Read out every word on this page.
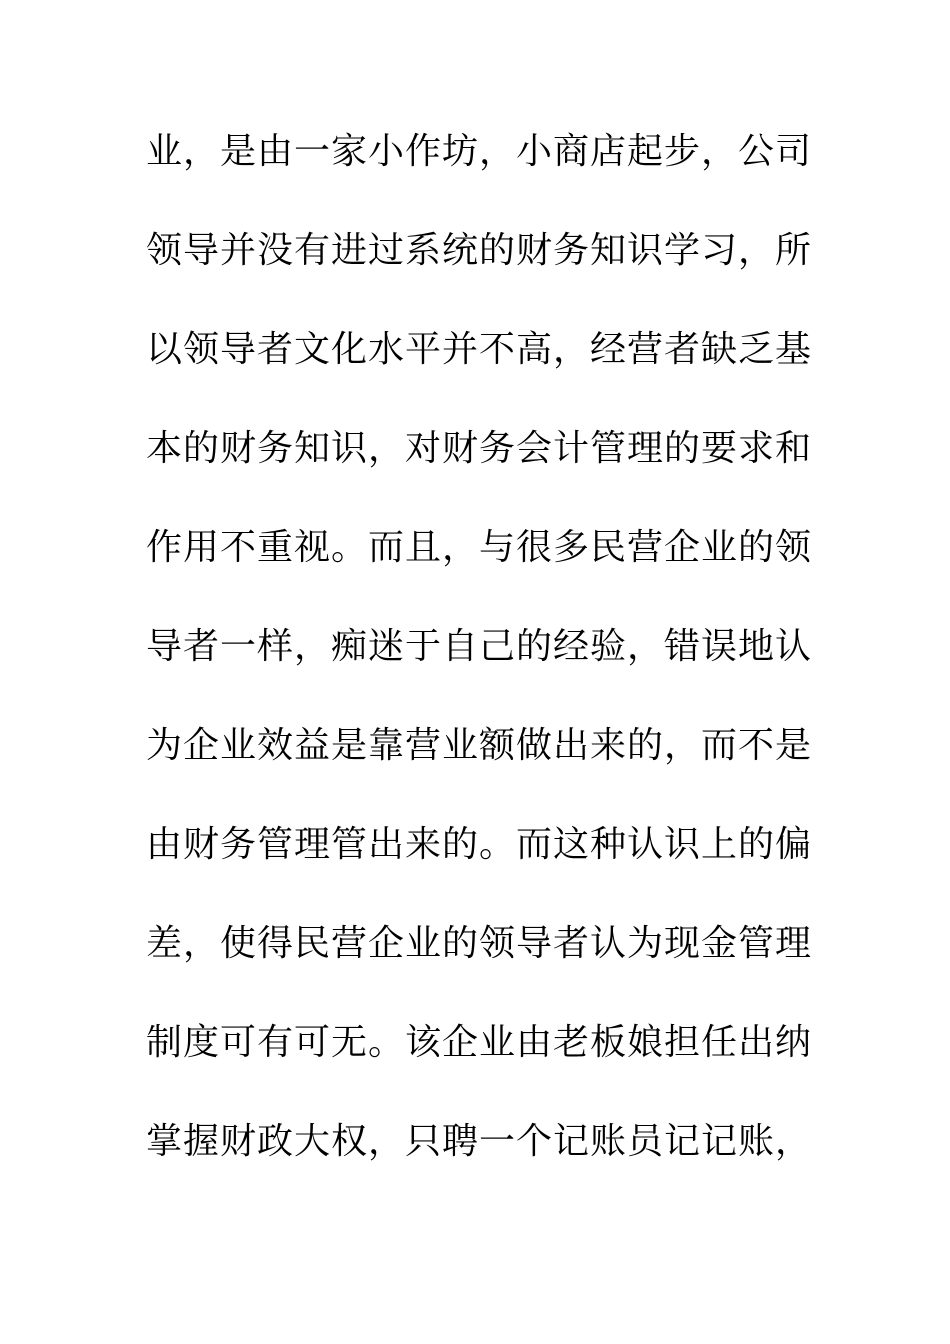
业，是由一家小作坊，小商店起步，公司
领导并没有进过系统的财务知识学习，所
以领导者文化水平并不高，经营者缺乏基
本的财务知识，对财务会计管理的要求和
作用不重视。而且，与很多民营企业的领
导者一样，痴迷于自己的经验，错误地认
为企业效益是靠营业额做出来的，而不是
由财务管理管出来的。而这种认识上的偏
差，使得民营企业的领导者认为现金管理
制度可有可无。该企业由老板娘担任出纳
掌握财政大权，只聘一个记账员记记账，
